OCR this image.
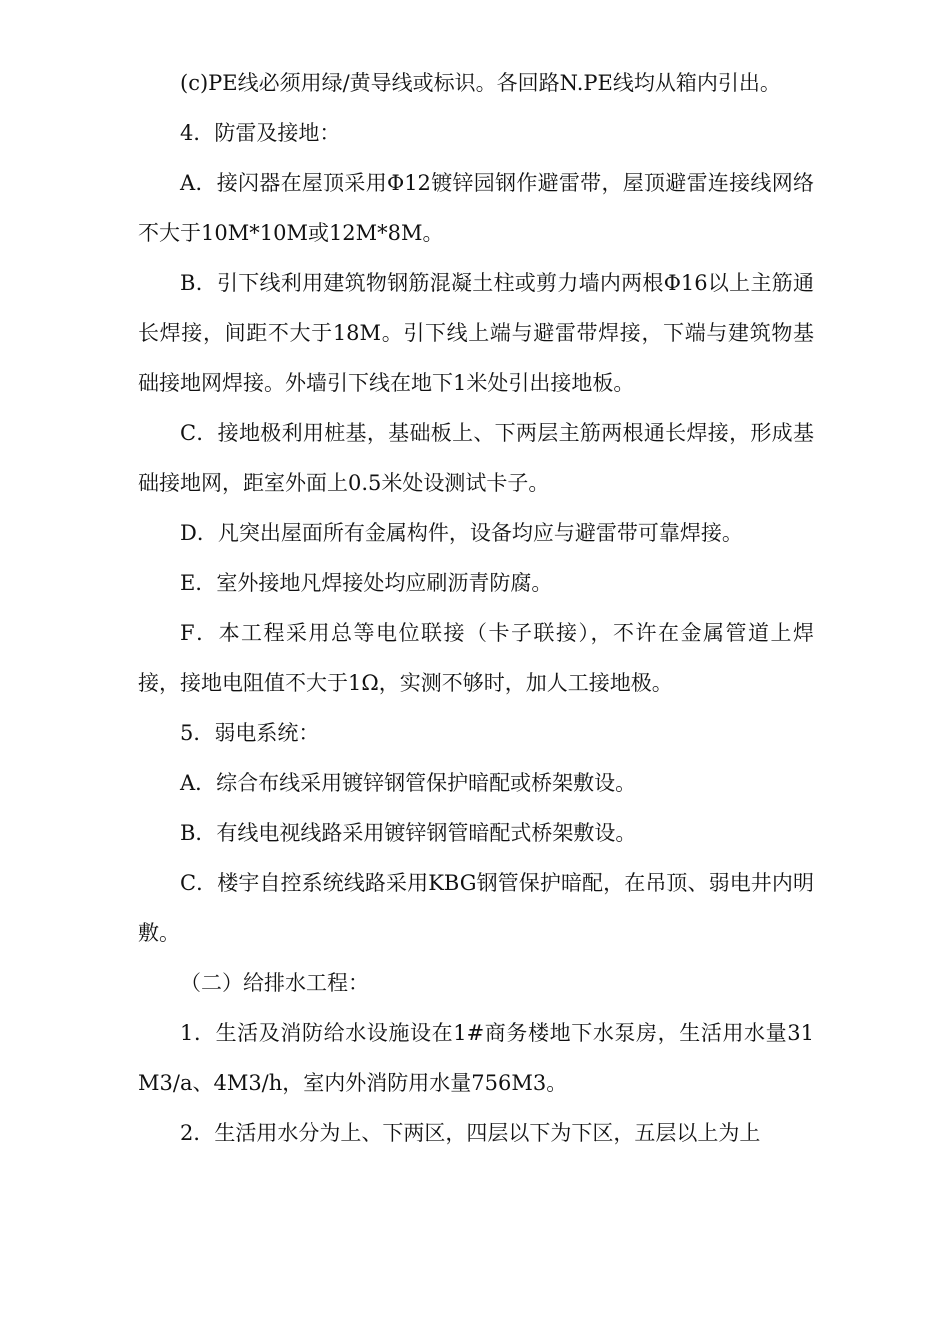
(c)PE线必须用绿/黄导线或标识。各回路N.PE线均从箱内引出。

4．防雷及接地：

A．接闪器在屋顶采用Φ12镀锌园钢作避雷带，屋顶避雷连接线网络不大于10M*10M或12M*8M。

B．引下线利用建筑物钢筋混凝土柱或剪力墙内两根Φ16以上主筋通长焊接，间距不大于18M。引下线上端与避雷带焊接，下端与建筑物基础接地网焊接。外墙引下线在地下1米处引出接地板。

C．接地极利用桩基，基础板上、下两层主筋两根通长焊接，形成基础接地网，距室外面上0.5米处设测试卡子。

D．凡突出屋面所有金属构件，设备均应与避雷带可靠焊接。

E．室外接地凡焊接处均应刷沥青防腐。

F．本工程采用总等电位联接（卡子联接），不许在金属管道上焊接，接地电阻值不大于1Ω，实测不够时，加人工接地极。

5．弱电系统：

A．综合布线采用镀锌钢管保护暗配或桥架敷设。

B．有线电视线路采用镀锌钢管暗配式桥架敷设。

C．楼宇自控系统线路采用KBG钢管保护暗配，在吊顶、弱电井内明敷。

（二）给排水工程：

1．生活及消防给水设施设在1#商务楼地下水泵房，生活用水量31M3/a、4M3/h，室内外消防用水量756M3。

2．生活用水分为上、下两区，四层以下为下区，五层以上为上
